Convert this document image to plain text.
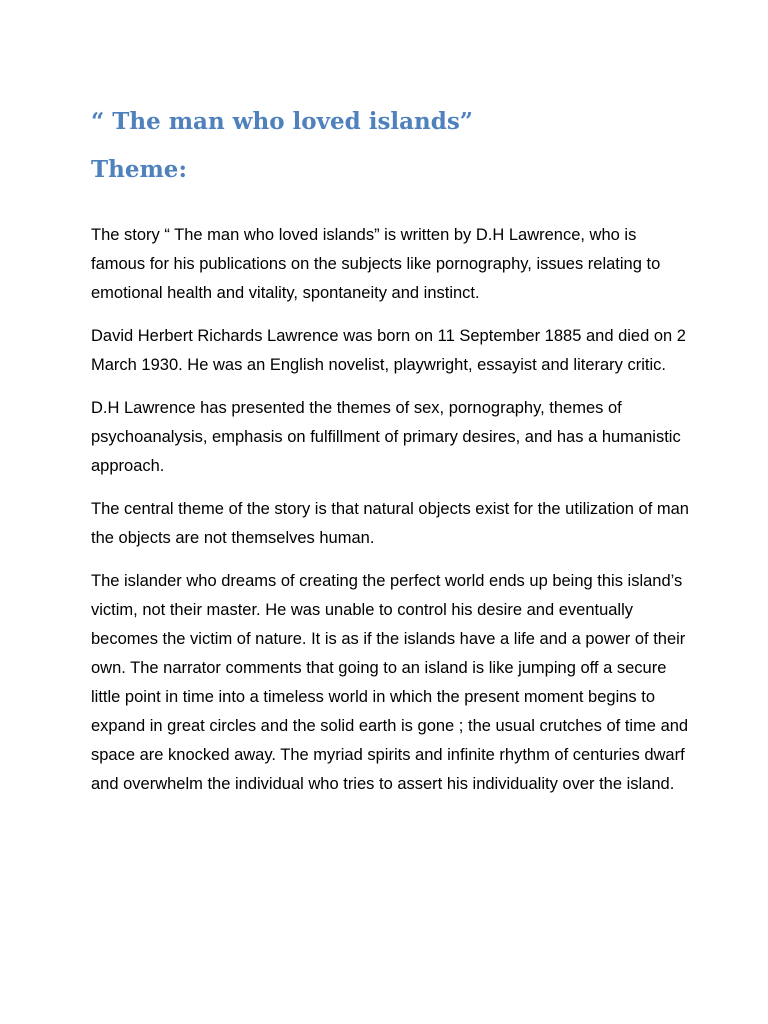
“ The man who loved islands”
Theme:

The story “ The man who loved islands” is written by D.H Lawrence, who is famous for his publications on the subjects like pornography, issues relating to emotional health and vitality, spontaneity and instinct.

David Herbert Richards Lawrence was born on 11 September 1885 and died on 2 March 1930. He was an English novelist, playwright, essayist and literary critic.

D.H Lawrence has presented the themes of sex, pornography, themes of psychoanalysis, emphasis on fulfillment of primary desires, and has a humanistic approach.

The central theme of the story is that natural objects exist for the utilization of man the objects are not themselves human.

The islander who dreams of creating the perfect world ends up being this island’s victim, not their master. He was unable to control his desire and eventually becomes the victim of nature. It is as if the islands have a life and a power of their own. The narrator comments that going to an island is like jumping off a secure little point in time into a timeless world in which the present moment begins to expand in great circles and the solid earth is gone ; the usual crutches of time and space are knocked away. The myriad spirits and infinite rhythm of centuries dwarf and overwhelm the individual who tries to assert his individuality over the island.
